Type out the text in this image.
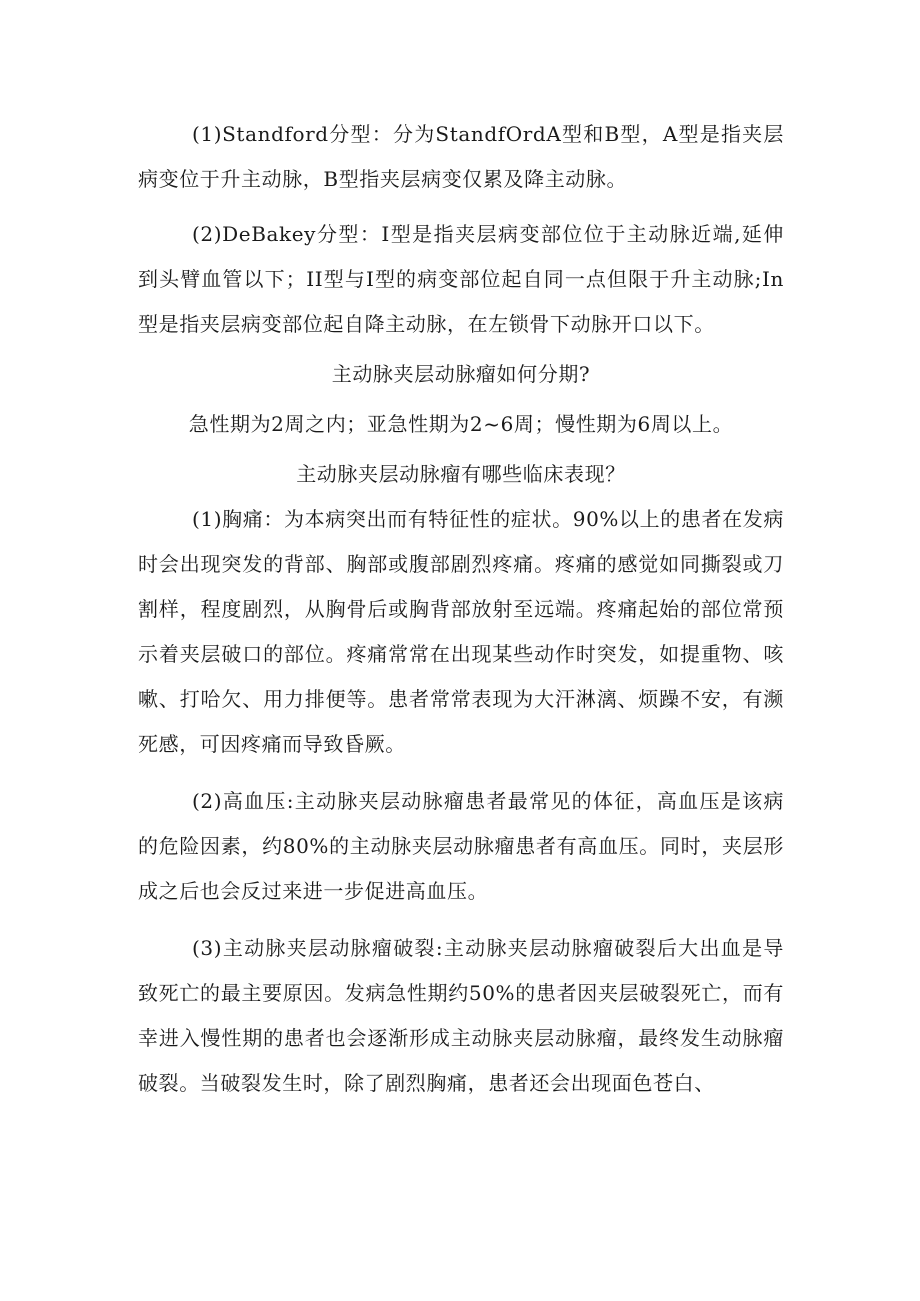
(1)Standford分型：分为StandfOrdA型和B型，A型是指夹层病变位于升主动脉，B型指夹层病变仅累及降主动脉。

(2)DeBakey分型：I型是指夹层病变部位位于主动脉近端,延伸到头臂血管以下；II型与I型的病变部位起自同一点但限于升主动脉;In型是指夹层病变部位起自降主动脉，在左锁骨下动脉开口以下。

主动脉夹层动脉瘤如何分期?

急性期为2周之内；亚急性期为2~6周；慢性期为6周以上。

主动脉夹层动脉瘤有哪些临床表现？

(1)胸痛：为本病突出而有特征性的症状。90%以上的患者在发病时会出现突发的背部、胸部或腹部剧烈疼痛。疼痛的感觉如同撕裂或刀割样，程度剧烈，从胸骨后或胸背部放射至远端。疼痛起始的部位常预示着夹层破口的部位。疼痛常常在出现某些动作时突发，如提重物、咳嗽、打哈欠、用力排便等。患者常常表现为大汗淋漓、烦躁不安，有濒死感，可因疼痛而导致昏厥。

(2)高血压:主动脉夹层动脉瘤患者最常见的体征，高血压是该病的危险因素，约80%的主动脉夹层动脉瘤患者有高血压。同时，夹层形成之后也会反过来进一步促进高血压。

(3)主动脉夹层动脉瘤破裂:主动脉夹层动脉瘤破裂后大出血是导致死亡的最主要原因。发病急性期约50%的患者因夹层破裂死亡，而有幸进入慢性期的患者也会逐渐形成主动脉夹层动脉瘤，最终发生动脉瘤破裂。当破裂发生时，除了剧烈胸痛，患者还会出现面色苍白、
